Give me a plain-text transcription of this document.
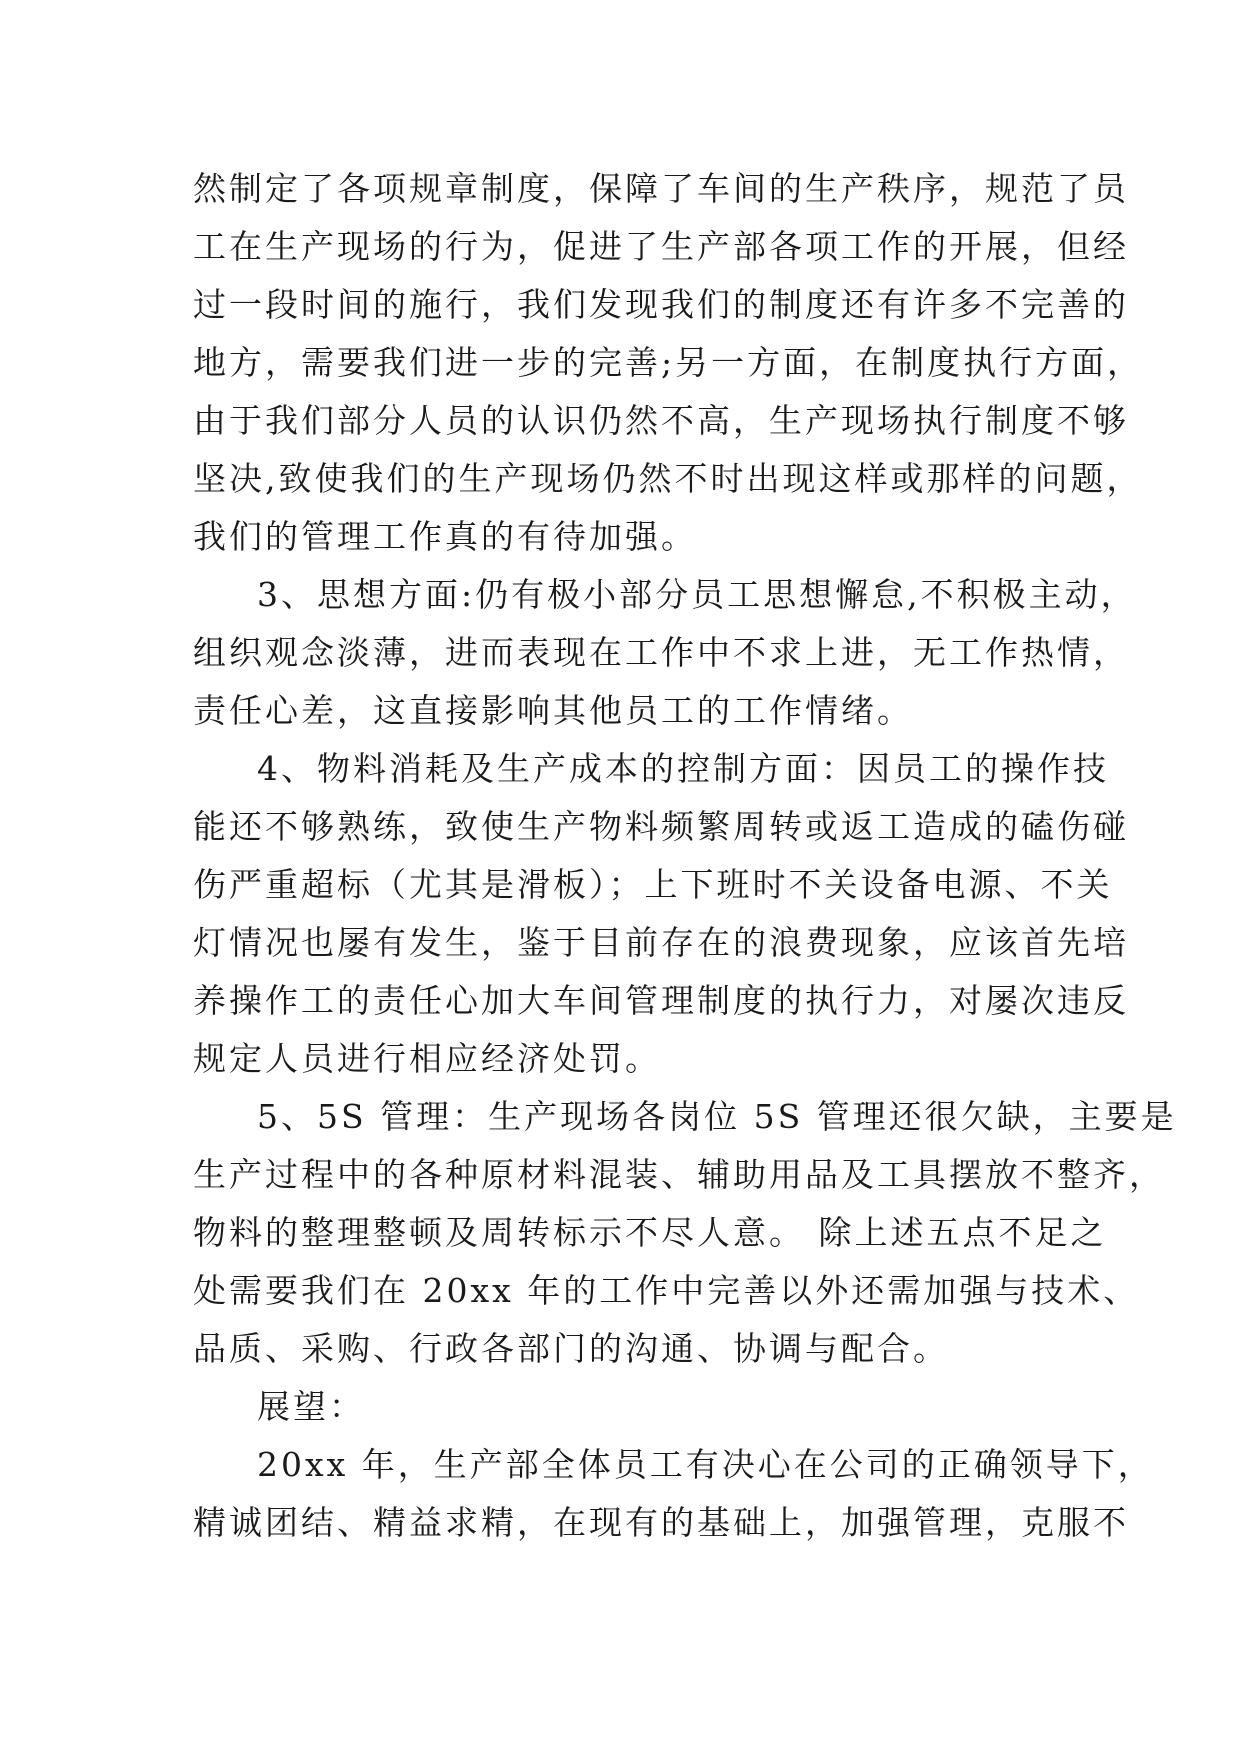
然制定了各项规章制度，保障了车间的生产秩序，规范了员
工在生产现场的行为，促进了生产部各项工作的开展，但经
过一段时间的施行，我们发现我们的制度还有许多不完善的
地方，需要我们进一步的完善;另一方面，在制度执行方面，
由于我们部分人员的认识仍然不高，生产现场执行制度不够
坚决,致使我们的生产现场仍然不时出现这样或那样的问题，
我们的管理工作真的有待加强。
3、思想方面:仍有极小部分员工思想懈怠,不积极主动，
组织观念淡薄，进而表现在工作中不求上进，无工作热情，
责任心差，这直接影响其他员工的工作情绪。
4、物料消耗及生产成本的控制方面：因员工的操作技
能还不够熟练，致使生产物料频繁周转或返工造成的磕伤碰
伤严重超标（尤其是滑板）；上下班时不关设备电源、不关
灯情况也屡有发生，鉴于目前存在的浪费现象，应该首先培
养操作工的责任心加大车间管理制度的执行力，对屡次违反
规定人员进行相应经济处罚。
5、5S 管理：生产现场各岗位 5S 管理还很欠缺，主要是
生产过程中的各种原材料混装、辅助用品及工具摆放不整齐，
物料的整理整顿及周转标示不尽人意。 除上述五点不足之
处需要我们在 20xx 年的工作中完善以外还需加强与技术、
品质、采购、行政各部门的沟通、协调与配合。
展望：
20xx 年，生产部全体员工有决心在公司的正确领导下，
精诚团结、精益求精，在现有的基础上，加强管理，克服不
